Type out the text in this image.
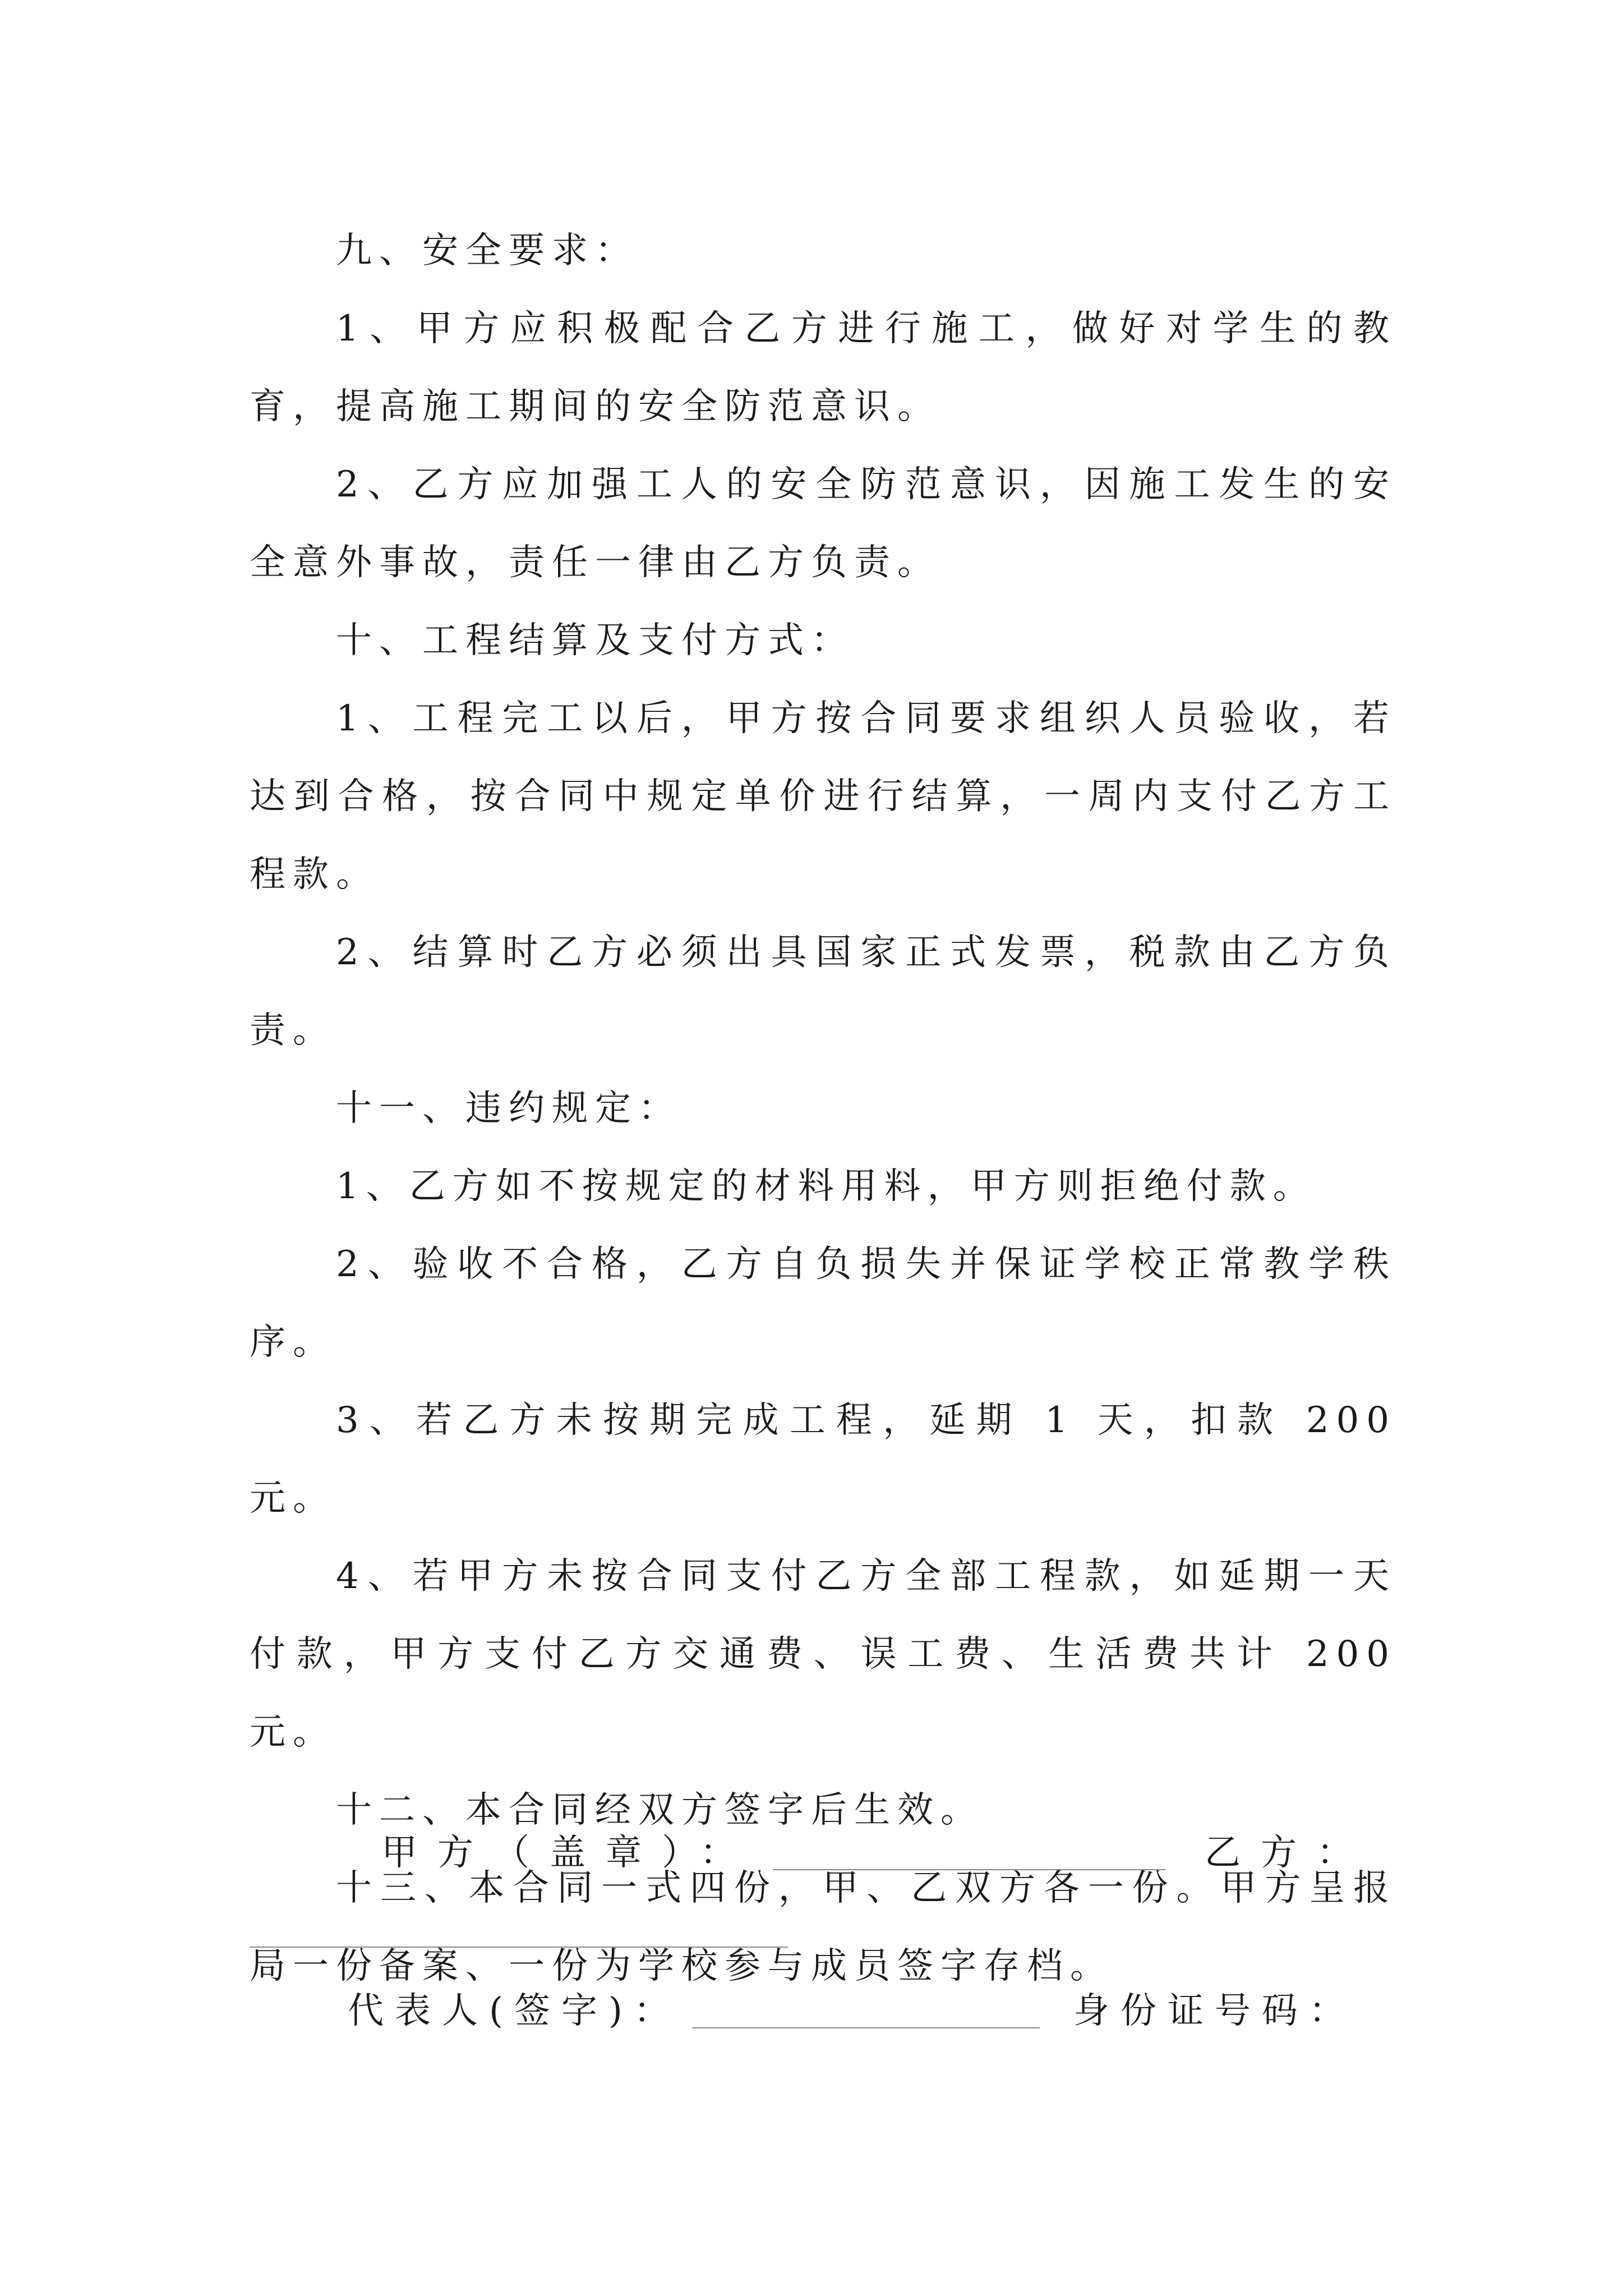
九、安全要求：

1、甲方应积极配合乙方进行施工，做好对学生的教育，提高施工期间的安全防范意识。

2、乙方应加强工人的安全防范意识，因施工发生的安全意外事故，责任一律由乙方负责。

十、工程结算及支付方式：

1、工程完工以后，甲方按合同要求组织人员验收，若达到合格，按合同中规定单价进行结算，一周内支付乙方工程款。

2、结算时乙方必须出具国家正式发票，税款由乙方负责。

十一、违约规定：

1、乙方如不按规定的材料用料，甲方则拒绝付款。

2、验收不合格，乙方自负损失并保证学校正常教学秩序。

3、若乙方未按期完成工程，延期 1 天，扣款 200 元。

4、若甲方未按合同支付乙方全部工程款，如延期一天付款，甲方支付乙方交通费、误工费、生活费共计 200 元。

十二、本合同经双方签字后生效。

十三、本合同一式四份，甲、乙双方各一份。甲方呈报局一份备案、一份为学校参与成员签字存档。

甲方（盖章）：	乙方：
代表人(签字)：	身份证号码：
